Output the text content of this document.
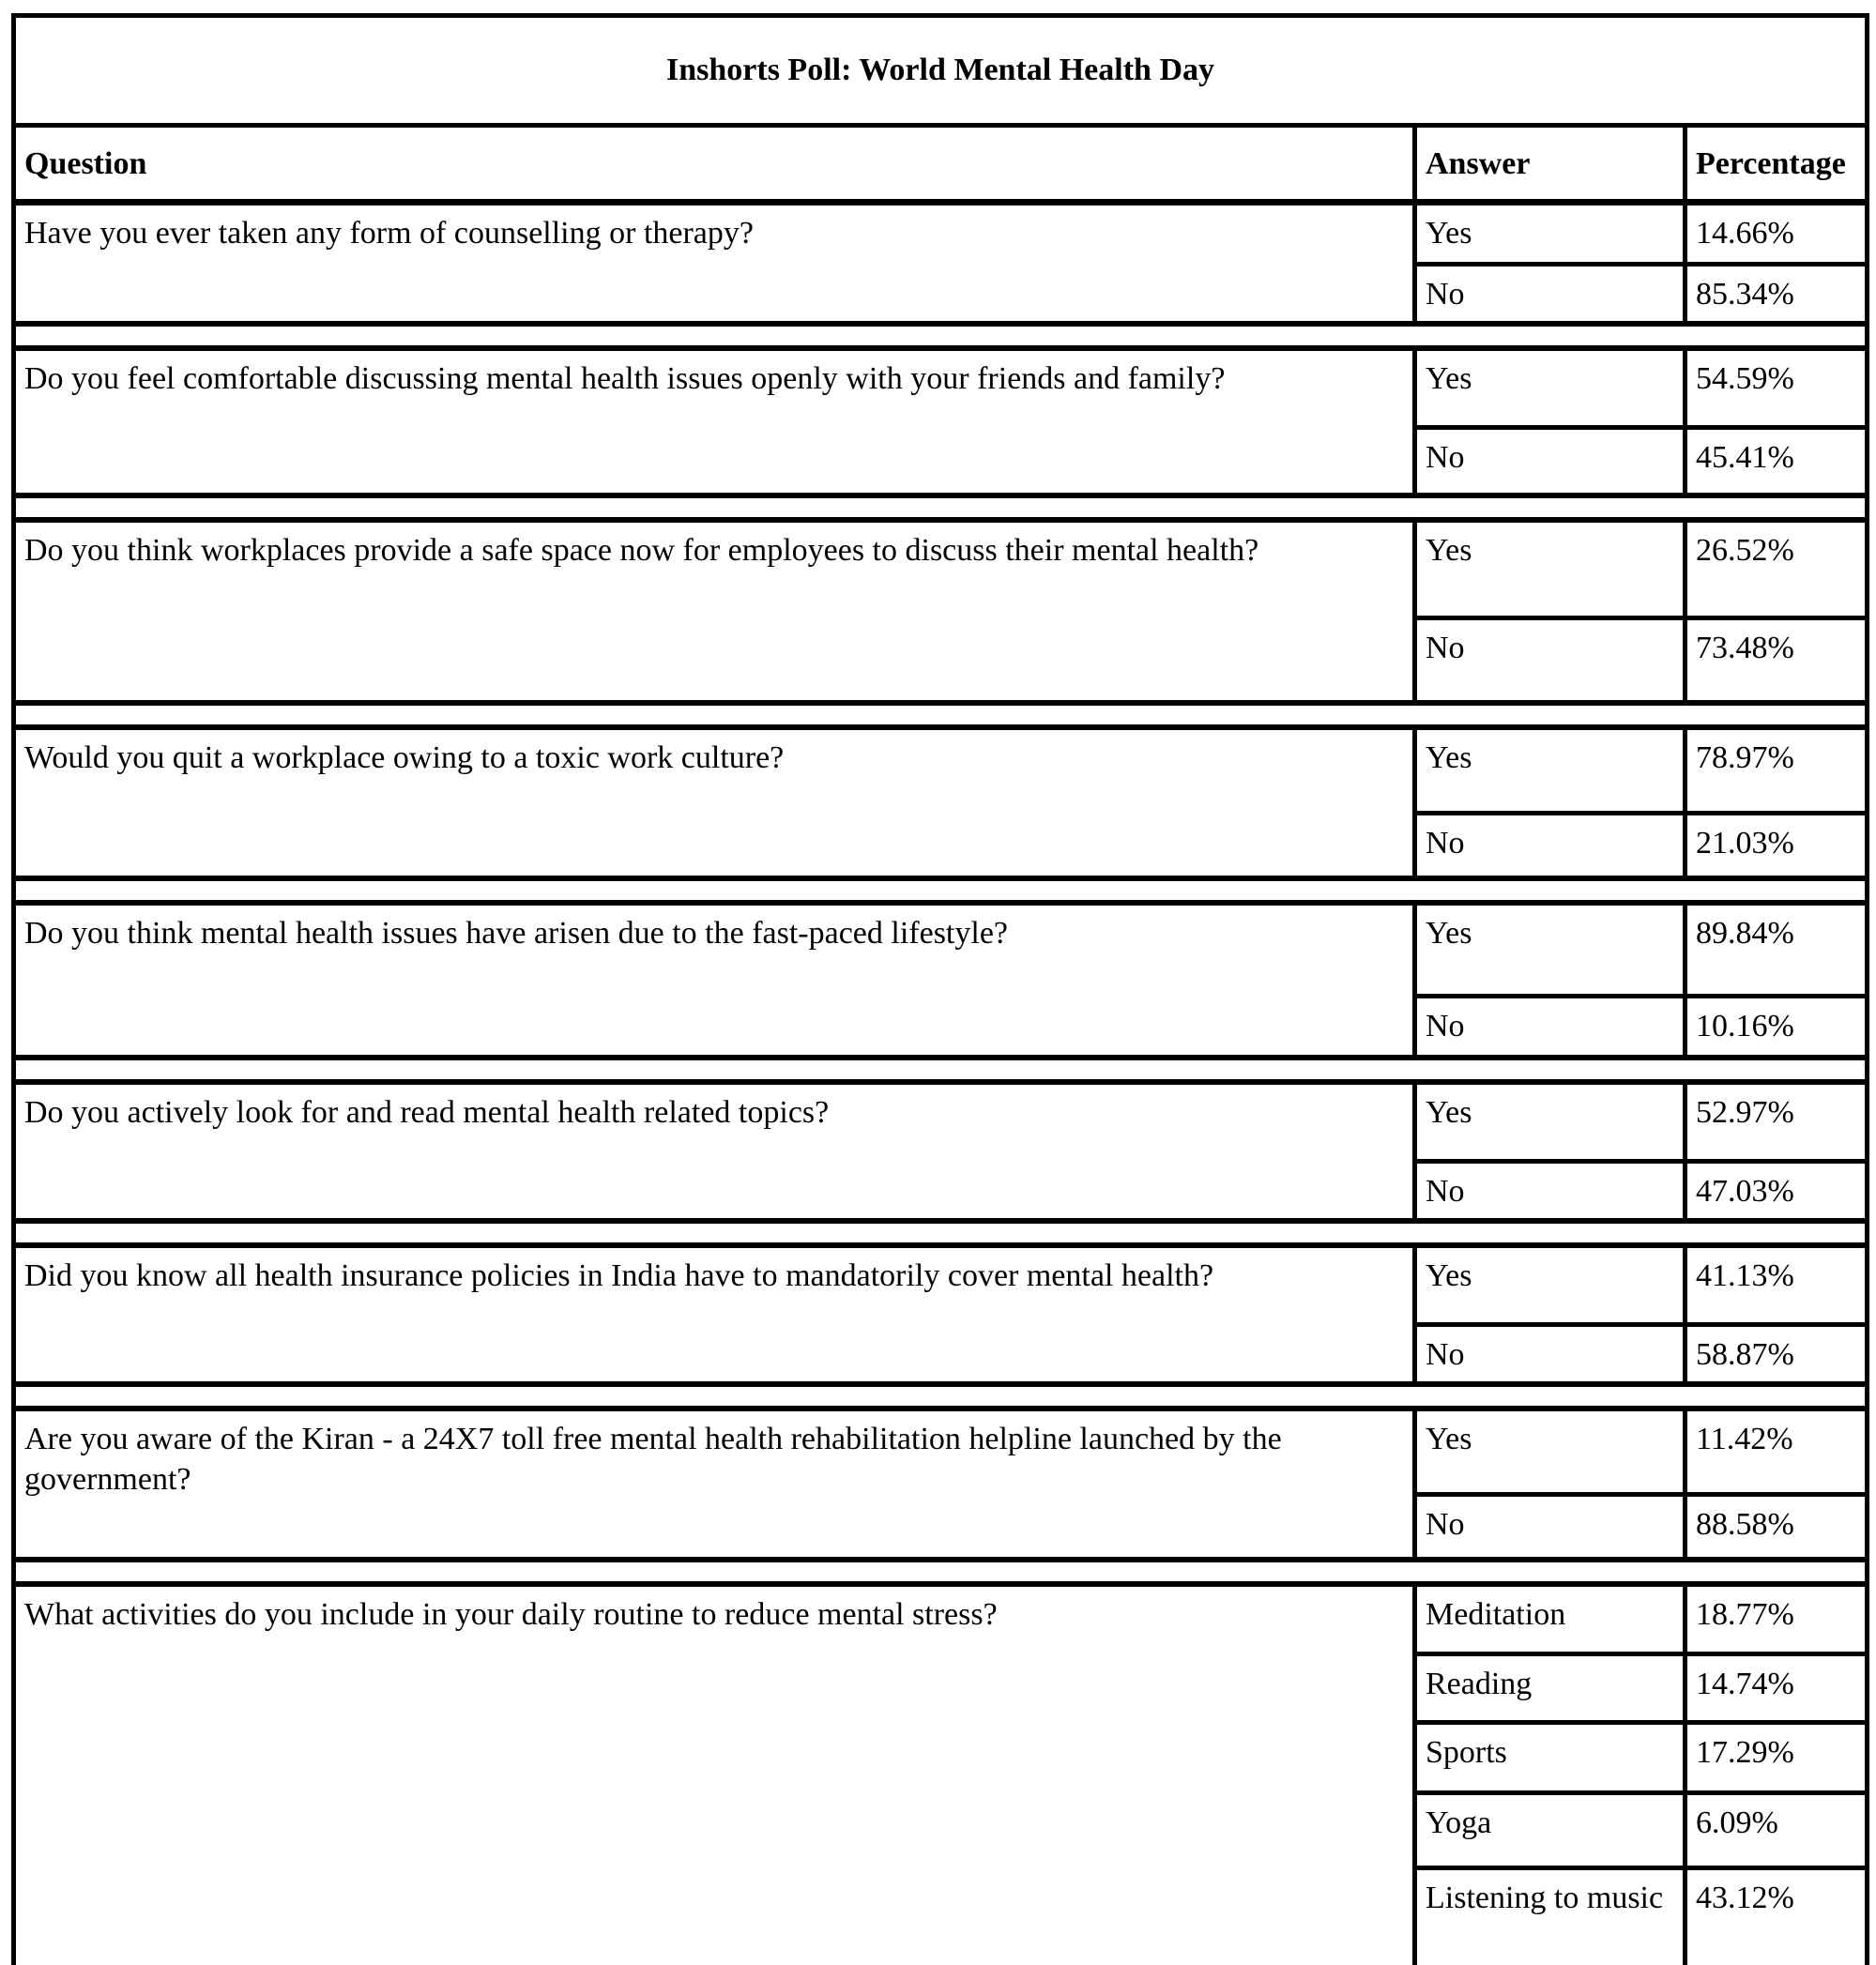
Inshorts Poll: World Mental Health Day		
Question	Answer	Percentage
Have you ever taken any form of counselling or therapy?	Yes	14.66%
	No	85.34%

Do you feel comfortable discussing mental health issues openly with your friends and family?	Yes	54.59%
	No	45.41%

Do you think workplaces provide a safe space now for employees to discuss their mental health?	Yes	26.52%
	No	73.48%

Would you quit a workplace owing to a toxic work culture?	Yes	78.97%
	No	21.03%

Do you think mental health issues have arisen due to the fast-paced lifestyle?	Yes	89.84%
	No	10.16%

Do you actively look for and read mental health related topics?	Yes	52.97%
	No	47.03%

Did you know all health insurance policies in India have to mandatorily cover mental health?	Yes	41.13%
	No	58.87%

Are you aware of the Kiran - a 24X7 toll free mental health rehabilitation helpline launched by the government?	Yes	11.42%
	No	88.58%

What activities do you include in your daily routine to reduce mental stress?	Meditation	18.77%
	Reading	14.74%
	Sports	17.29%
	Yoga	6.09%
	Listening to music	43.12%
